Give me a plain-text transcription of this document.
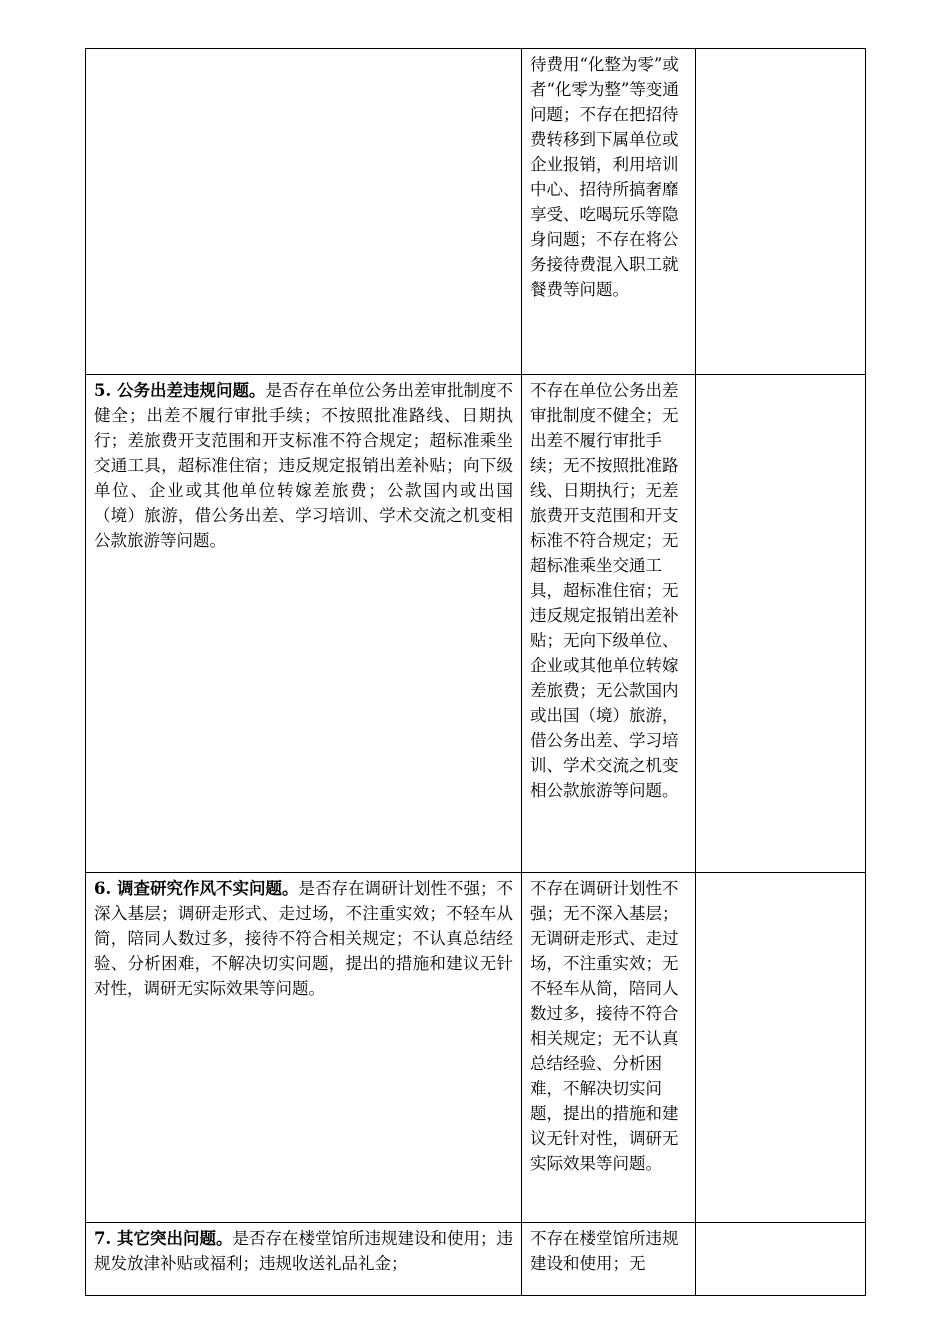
	待费用“化整为零”或者“化零为整”等变通问题；不存在把招待费转移到下属单位或企业报销，利用培训中心、招待所搞奢靡享受、吃喝玩乐等隐身问题；不存在将公务接待费混入职工就餐费等问题。	
5. 公务出差违规问题。是否存在单位公务出差审批制度不健全；出差不履行审批手续；不按照批准路线、日期执行；差旅费开支范围和开支标准不符合规定；超标准乘坐交通工具，超标准住宿；违反规定报销出差补贴；向下级单位、企业或其他单位转嫁差旅费；公款国内或出国（境）旅游，借公务出差、学习培训、学术交流之机变相公款旅游等问题。	不存在单位公务出差审批制度不健全；无出差不履行审批手续；无不按照批准路线、日期执行；无差旅费开支范围和开支标准不符合规定；无超标准乘坐交通工具，超标准住宿；无违反规定报销出差补贴；无向下级单位、企业或其他单位转嫁差旅费；无公款国内或出国（境）旅游，借公务出差、学习培训、学术交流之机变相公款旅游等问题。	
6. 调查研究作风不实问题。是否存在调研计划性不强；不深入基层；调研走形式、走过场，不注重实效；不轻车从简，陪同人数过多，接待不符合相关规定；不认真总结经验、分析困难，不解决切实问题，提出的措施和建议无针对性，调研无实际效果等问题。	不存在调研计划性不强；无不深入基层；无调研走形式、走过场，不注重实效；无不轻车从简，陪同人数过多，接待不符合相关规定；无不认真总结经验、分析困难，不解决切实问题，提出的措施和建议无针对性，调研无实际效果等问题。	
7. 其它突出问题。是否存在楼堂馆所违规建设和使用；违规发放津补贴或福利；违规收送礼品礼金；	不存在楼堂馆所违规建设和使用；无	
